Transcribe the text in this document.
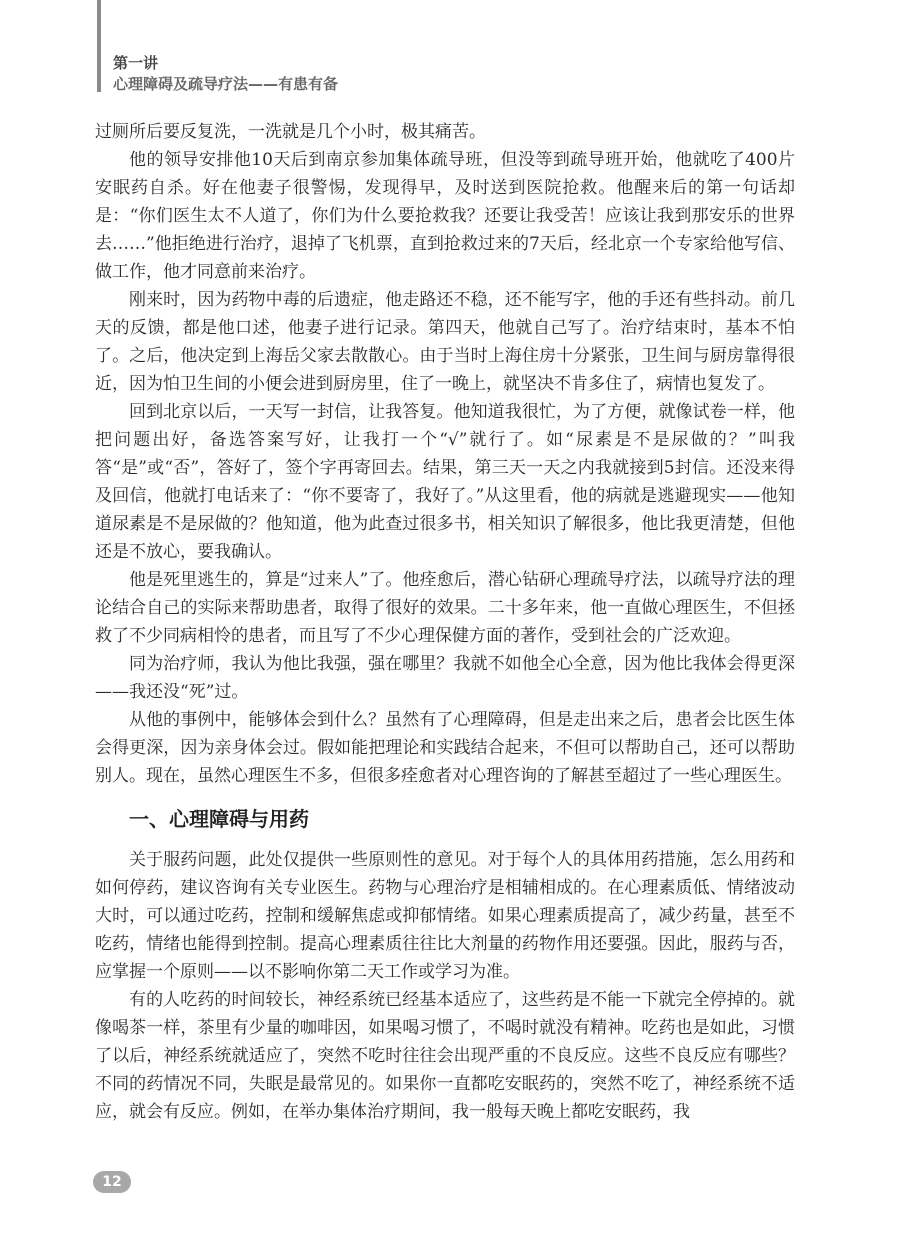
第一讲
心理障碍及疏导疗法——有患有备

过厕所后要反复洗，一洗就是几个小时，极其痛苦。

他的领导安排他10天后到南京参加集体疏导班，但没等到疏导班开始，他就吃了400片安眠药自杀。好在他妻子很警惕，发现得早，及时送到医院抢救。他醒来后的第一句话却是：“你们医生太不人道了，你们为什么要抢救我？还要让我受苦！应该让我到那安乐的世界去……”他拒绝进行治疗，退掉了飞机票，直到抢救过来的7天后，经北京一个专家给他写信、做工作，他才同意前来治疗。

刚来时，因为药物中毒的后遗症，他走路还不稳，还不能写字，他的手还有些抖动。前几天的反馈，都是他口述，他妻子进行记录。第四天，他就自己写了。治疗结束时，基本不怕了。之后，他决定到上海岳父家去散散心。由于当时上海住房十分紧张，卫生间与厨房靠得很近，因为怕卫生间的小便会进到厨房里，住了一晚上，就坚决不肯多住了，病情也复发了。

回到北京以后，一天写一封信，让我答复。他知道我很忙，为了方便，就像试卷一样，他把问题出好，备选答案写好，让我打一个“√”就行了。如“尿素是不是尿做的？”叫我答“是”或“否”，答好了，签个字再寄回去。结果，第三天一天之内我就接到5封信。还没来得及回信，他就打电话来了：“你不要寄了，我好了。”从这里看，他的病就是逃避现实——他知道尿素是不是尿做的？他知道，他为此查过很多书，相关知识了解很多，他比我更清楚，但他还是不放心，要我确认。

他是死里逃生的，算是“过来人”了。他痊愈后，潜心钻研心理疏导疗法，以疏导疗法的理论结合自己的实际来帮助患者，取得了很好的效果。二十多年来，他一直做心理医生，不但拯救了不少同病相怜的患者，而且写了不少心理保健方面的著作，受到社会的广泛欢迎。

同为治疗师，我认为他比我强，强在哪里？我就不如他全心全意，因为他比我体会得更深——我还没“死”过。

从他的事例中，能够体会到什么？虽然有了心理障碍，但是走出来之后，患者会比医生体会得更深，因为亲身体会过。假如能把理论和实践结合起来，不但可以帮助自己，还可以帮助别人。现在，虽然心理医生不多，但很多痊愈者对心理咨询的了解甚至超过了一些心理医生。

一、心理障碍与用药

关于服药问题，此处仅提供一些原则性的意见。对于每个人的具体用药措施，怎么用药和如何停药，建议咨询有关专业医生。药物与心理治疗是相辅相成的。在心理素质低、情绪波动大时，可以通过吃药，控制和缓解焦虑或抑郁情绪。如果心理素质提高了，减少药量，甚至不吃药，情绪也能得到控制。提高心理素质往往比大剂量的药物作用还要强。因此，服药与否，应掌握一个原则——以不影响你第二天工作或学习为准。

有的人吃药的时间较长，神经系统已经基本适应了，这些药是不能一下就完全停掉的。就像喝茶一样，茶里有少量的咖啡因，如果喝习惯了，不喝时就没有精神。吃药也是如此，习惯了以后，神经系统就适应了，突然不吃时往往会出现严重的不良反应。这些不良反应有哪些？不同的药情况不同，失眠是最常见的。如果你一直都吃安眠药的，突然不吃了，神经系统不适应，就会有反应。例如，在举办集体治疗期间，我一般每天晚上都吃安眠药，我

12
